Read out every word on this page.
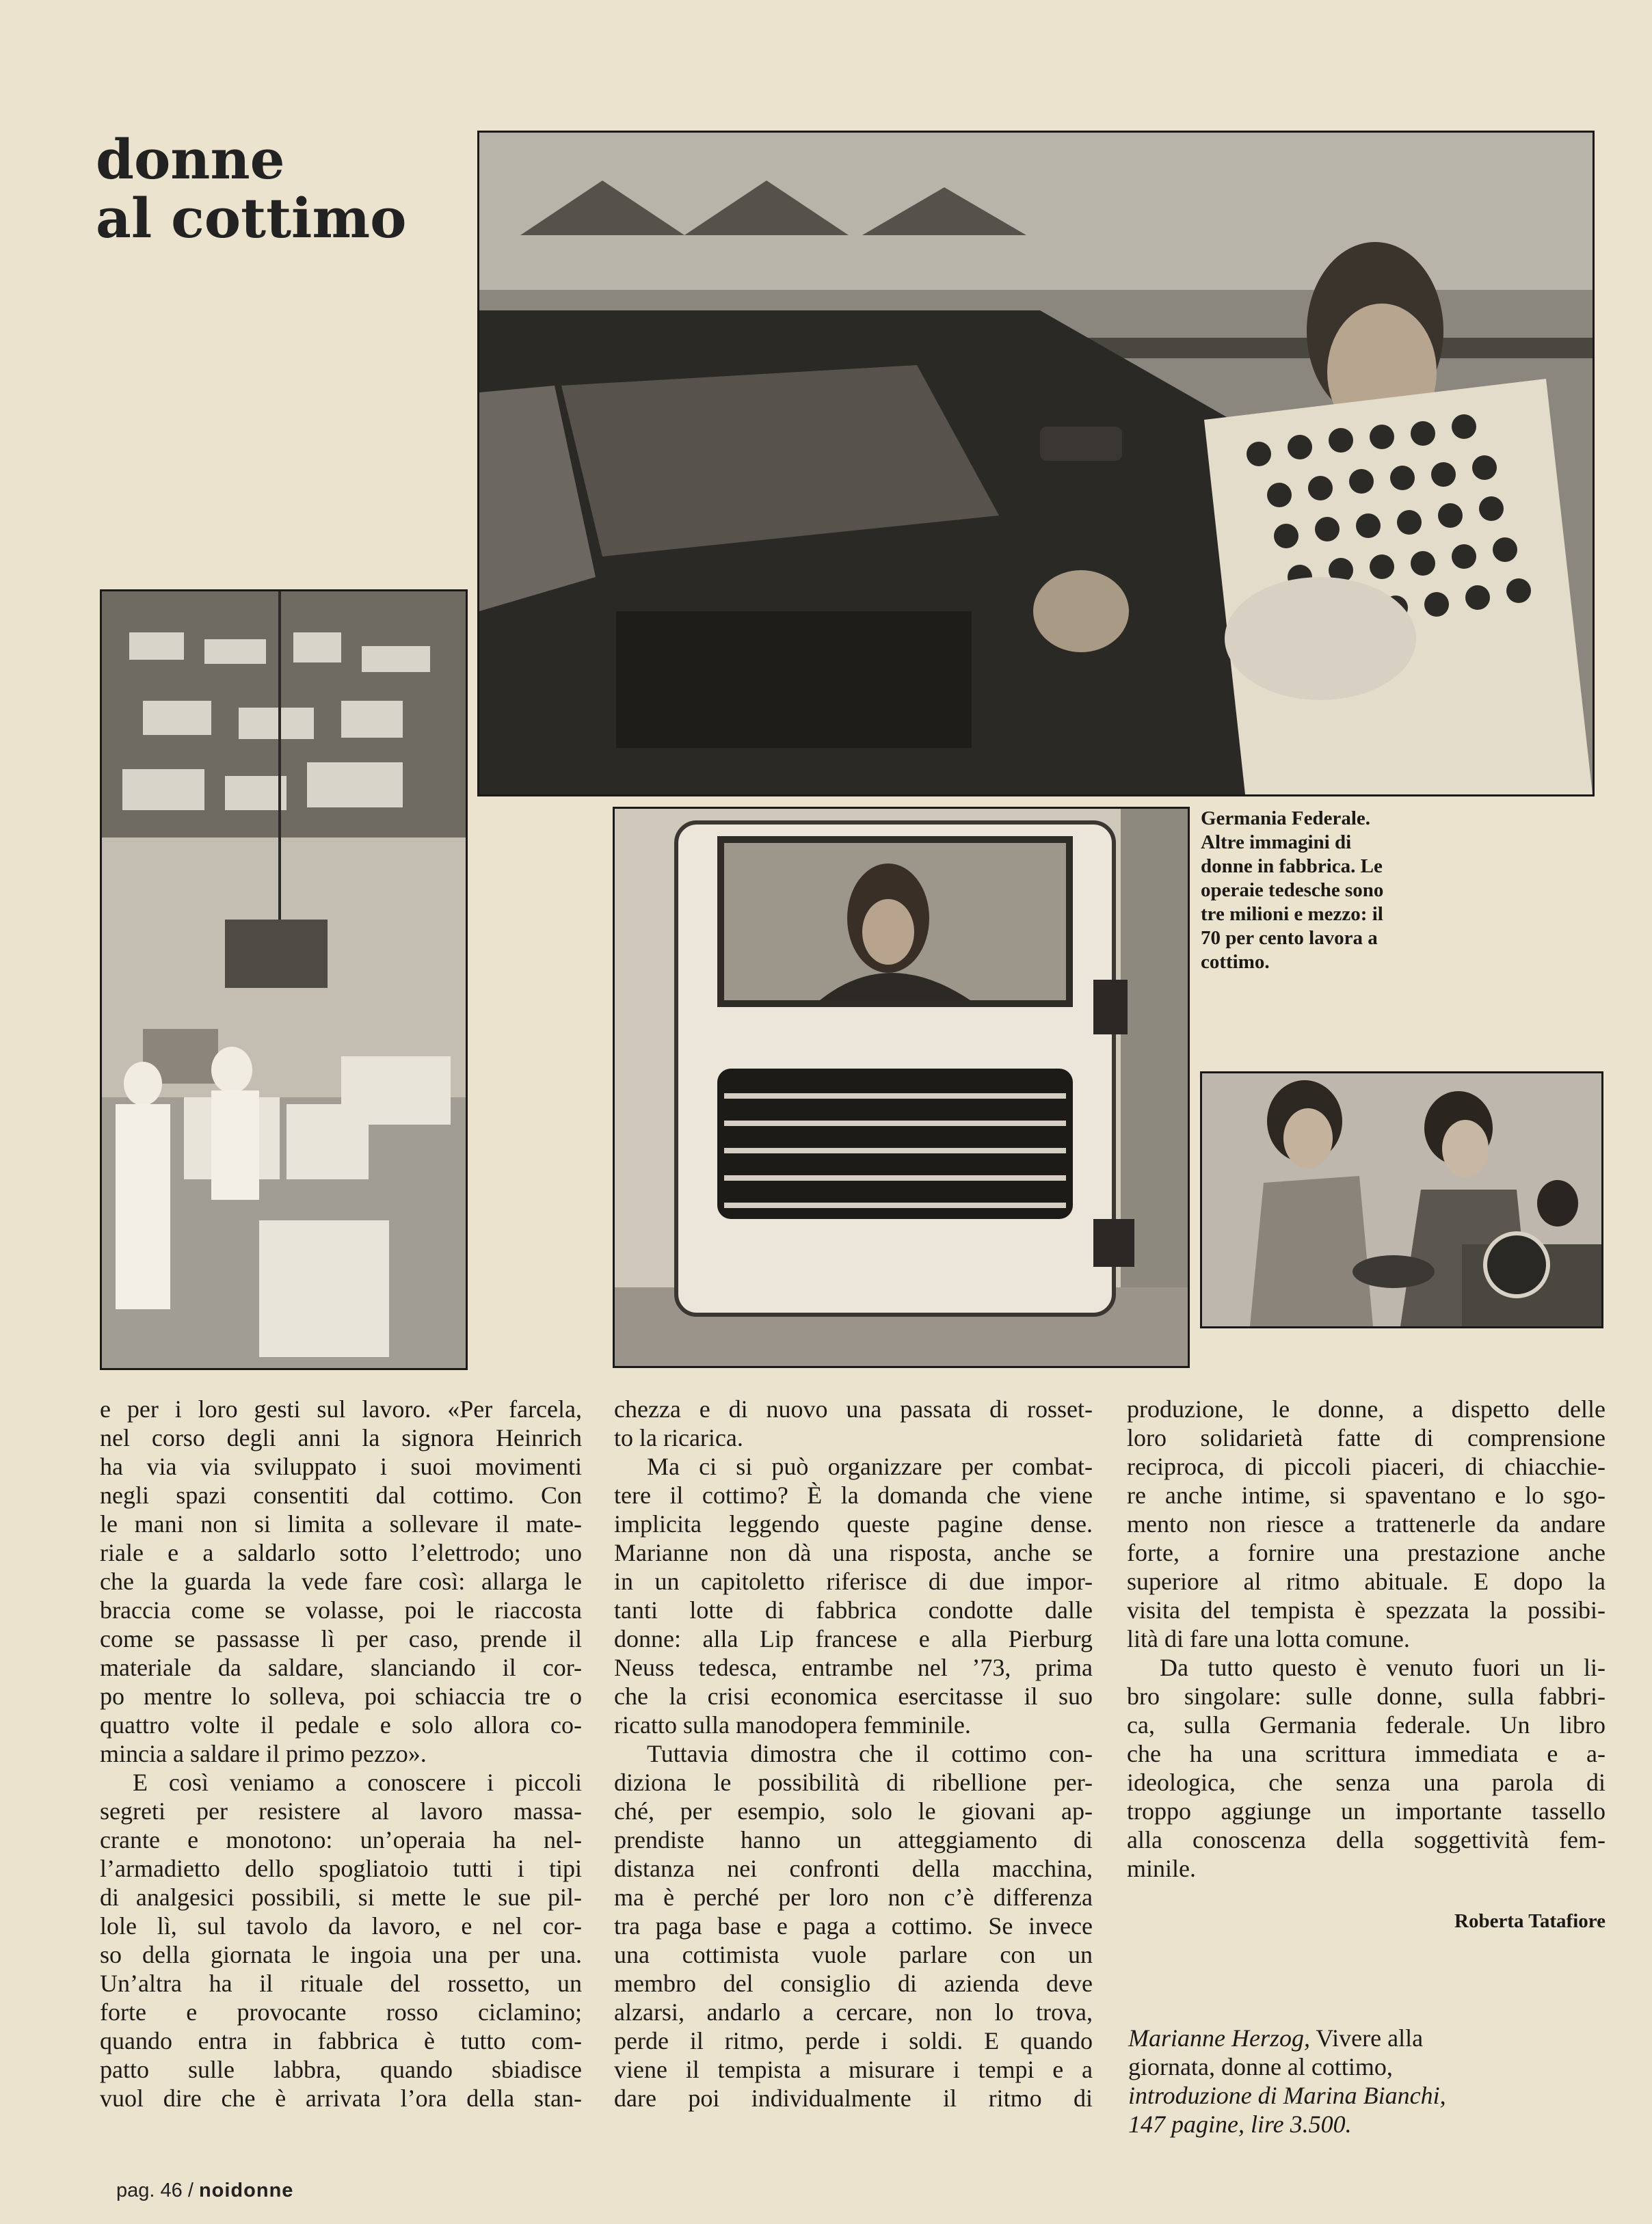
donne
al cottimo
Germania Federale.
Altre immagini di
donne in fabbrica. Le
operaie tedesche sono
tre milioni e mezzo: il
70 per cento lavora a
cottimo.
e per i loro gesti sul lavoro. «Per farcela,
nel corso degli anni la signora Heinrich
ha via via sviluppato i suoi movimenti
negli spazi consentiti dal cottimo. Con
le mani non si limita a sollevare il mate-
riale e a saldarlo sotto l’elettrodo; uno
che la guarda la vede fare così: allarga le
braccia come se volasse, poi le riaccosta
come se passasse lì per caso, prende il
materiale da saldare, slanciando il cor-
po mentre lo solleva, poi schiaccia tre o
quattro volte il pedale e solo allora co-
mincia a saldare il primo pezzo».
E così veniamo a conoscere i piccoli
segreti per resistere al lavoro massa-
crante e monotono: un’operaia ha nel-
l’armadietto dello spogliatoio tutti i tipi
di analgesici possibili, si mette le sue pil-
lole lì, sul tavolo da lavoro, e nel cor-
so della giornata le ingoia una per una.
Un’altra ha il rituale del rossetto, un
forte e provocante rosso ciclamino;
quando entra in fabbrica è tutto com-
patto sulle labbra, quando sbiadisce
vuol dire che è arrivata l’ora della stan-
chezza e di nuovo una passata di rosset-
to la ricarica.
Ma ci si può organizzare per combat-
tere il cottimo? È la domanda che viene
implicita leggendo queste pagine dense.
Marianne non dà una risposta, anche se
in un capitoletto riferisce di due impor-
tanti lotte di fabbrica condotte dalle
donne: alla Lip francese e alla Pierburg
Neuss tedesca, entrambe nel ’73, prima
che la crisi economica esercitasse il suo
ricatto sulla manodopera femminile.
Tuttavia dimostra che il cottimo con-
diziona le possibilità di ribellione per-
ché, per esempio, solo le giovani ap-
prendiste hanno un atteggiamento di
distanza nei confronti della macchina,
ma è perché per loro non c’è differenza
tra paga base e paga a cottimo. Se invece
una cottimista vuole parlare con un
membro del consiglio di azienda deve
alzarsi, andarlo a cercare, non lo trova,
perde il ritmo, perde i soldi. E quando
viene il tempista a misurare i tempi e a
dare poi individualmente il ritmo di
produzione, le donne, a dispetto delle
loro solidarietà fatte di comprensione
reciproca, di piccoli piaceri, di chiacchie-
re anche intime, si spaventano e lo sgo-
mento non riesce a trattenerle da andare
forte, a fornire una prestazione anche
superiore al ritmo abituale. E dopo la
visita del tempista è spezzata la possibi-
lità di fare una lotta comune.
Da tutto questo è venuto fuori un li-
bro singolare: sulle donne, sulla fabbri-
ca, sulla Germania federale. Un libro
che ha una scrittura immediata e a-
ideologica, che senza una parola di
troppo aggiunge un importante tassello
alla conoscenza della soggettività fem-
minile.
Roberta Tatafiore
Marianne Herzog, Vivere alla
giornata, donne al cottimo,
introduzione di Marina Bianchi,
147 pagine, lire 3.500.
pag. 46 / noidonne
